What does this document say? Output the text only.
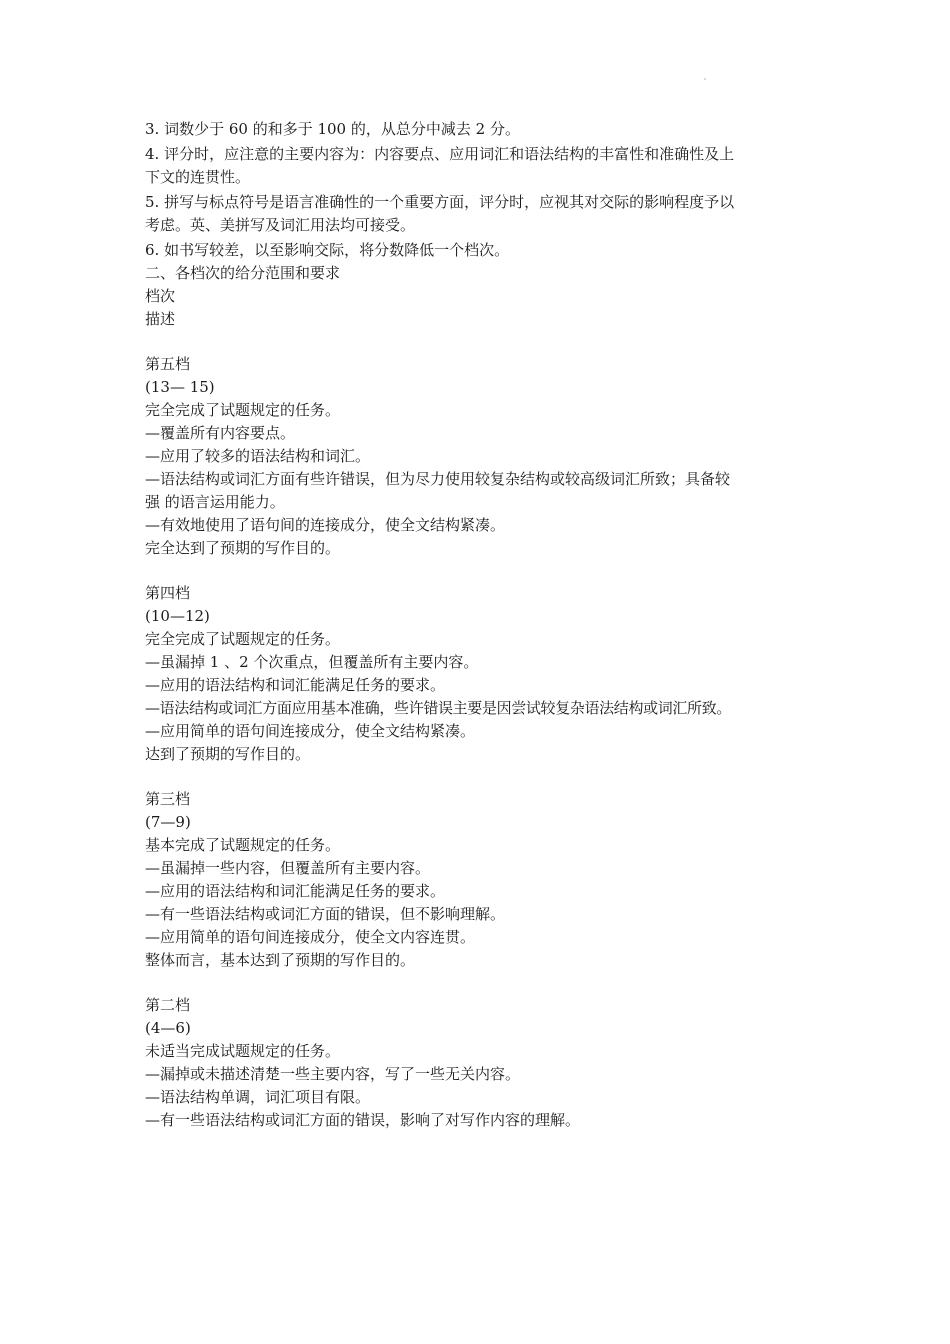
3. 词数少于 60 的和多于 100 的，从总分中减去 2 分。

4. 评分时，应注意的主要内容为：内容要点、应用词汇和语法结构的丰富性和准确性及上
下文的连贯性。

5. 拼写与标点符号是语言准确性的一个重要方面，评分时，应视其对交际的影响程度予以
考虑。英、美拼写及词汇用法均可接受。

6. 如书写较差，以至影响交际，将分数降低一个档次。

二、各档次的给分范围和要求

档次

描述

第五档

(13— 15)

完全完成了试题规定的任务。

—覆盖所有内容要点。

—应用了较多的语法结构和词汇。

—语法结构或词汇方面有些许错误，但为尽力使用较复杂结构或较高级词汇所致；具备较
强 的语言运用能力。

—有效地使用了语句间的连接成分，使全文结构紧凑。

完全达到了预期的写作目的。

第四档

(10—12)

完全完成了试题规定的任务。

—虽漏掉 1 、2 个次重点，但覆盖所有主要内容。

—应用的语法结构和词汇能满足任务的要求。

—语法结构或词汇方面应用基本准确，些许错误主要是因尝试较复杂语法结构或词汇所致。

—应用简单的语句间连接成分，使全文结构紧凑。

达到了预期的写作目的。

第三档

(7—9)

基本完成了试题规定的任务。

—虽漏掉一些内容，但覆盖所有主要内容。

—应用的语法结构和词汇能满足任务的要求。

—有一些语法结构或词汇方面的错误，但不影响理解。

—应用简单的语句间连接成分，使全文内容连贯。

整体而言，基本达到了预期的写作目的。

第二档

(4—6)

未适当完成试题规定的任务。

—漏掉或未描述清楚一些主要内容，写了一些无关内容。

—语法结构单调，词汇项目有限。

—有一些语法结构或词汇方面的错误，影响了对写作内容的理解。
